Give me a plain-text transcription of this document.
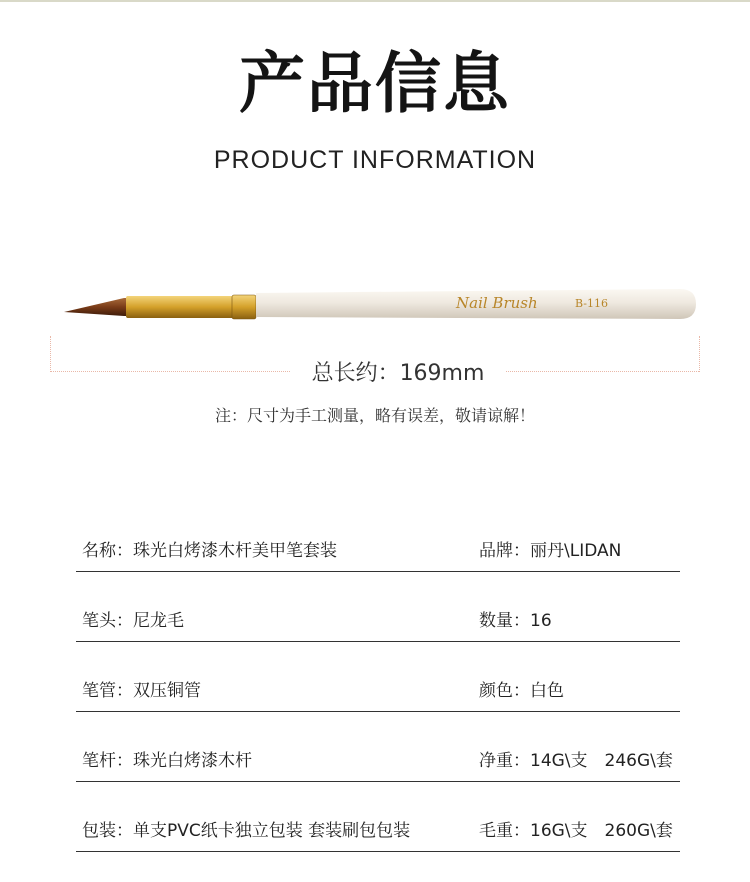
产品信息
PRODUCT INFORMATION
Nail Brush	B-116
总长约：169mm
注：尺寸为手工测量，略有误差，敬请谅解！
名称：珠光白烤漆木杆美甲笔套装	品牌：丽丹\LIDAN
笔头：尼龙毛	数量：16
笔管：双压铜管	颜色：白色
笔杆：珠光白烤漆木杆	净重：14G\支　246G\套
包装：单支PVC纸卡独立包装 套装刷包包装	毛重：16G\支　260G\套
